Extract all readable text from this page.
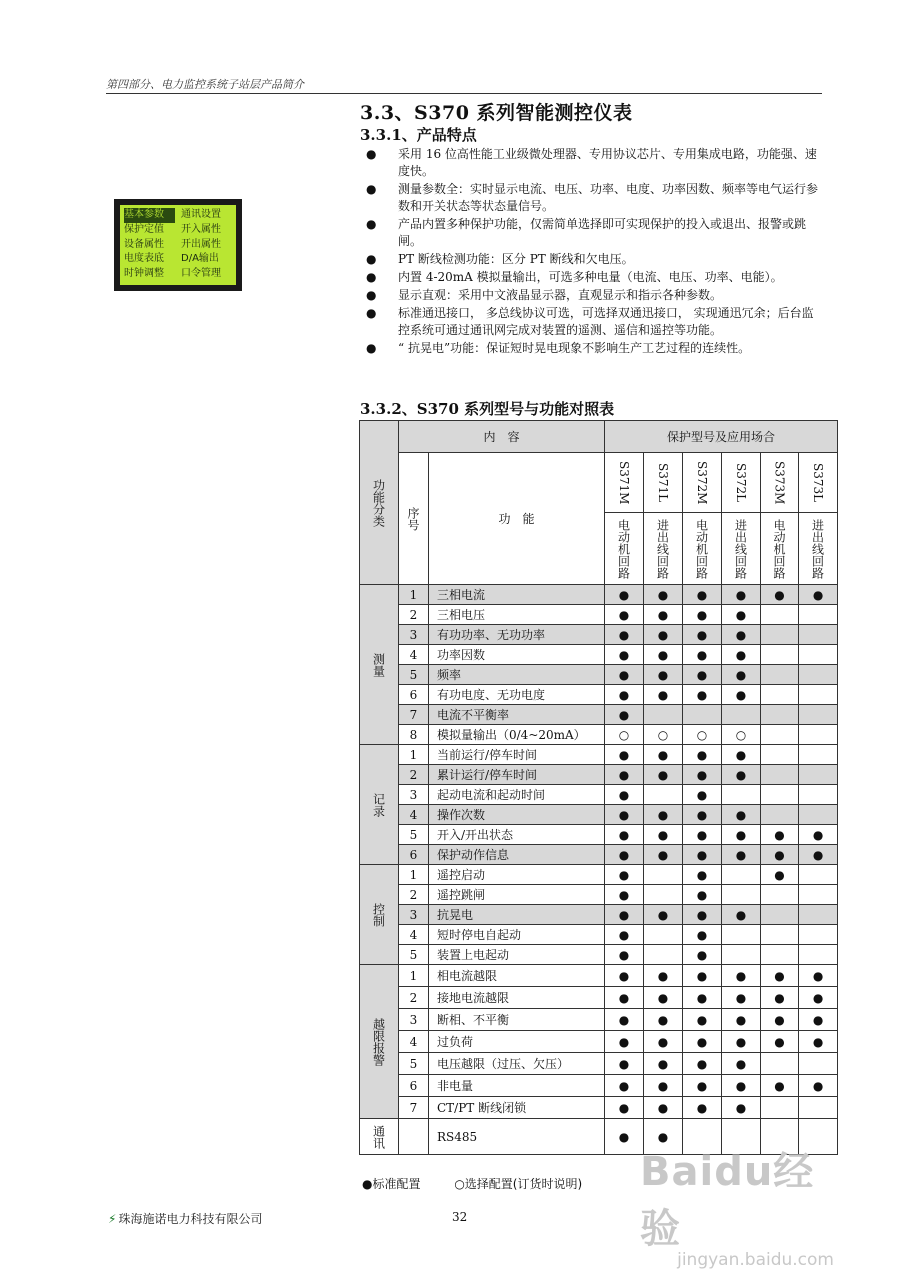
第四部分、电力监控系统子站层产品简介
3.3、S370 系列智能测控仪表
3.3.1、产品特点
● 采用 16 位高性能工业级微处理器、专用协议芯片、专用集成电路，功能强、速度快。
● 测量参数全：实时显示电流、电压、功率、电度、功率因数、频率等电气运行参数和开关状态等状态量信号。
● 产品内置多种保护功能，仅需简单选择即可实现保护的投入或退出、报警或跳闸。
● PT 断线检测功能：区分 PT 断线和欠电压。
● 内置 4-20mA 模拟量输出，可选多种电量（电流、电压、功率、电能）。
● 显示直观：采用中文液晶显示器，直观显示和指示各种参数。
● 标准通迅接口， 多总线协议可选，可选择双通迅接口， 实现通迅冗余；后台监控系统可通过通讯网完成对装置的遥测、遥信和遥控等功能。
● “ 抗晃电”功能：保证短时晃电现象不影响生产工艺过程的连续性。
基本参数	通讯设置
保护定值	开入属性
设备属性	开出属性
电度表底	D/A输出
时钟调整	口令管理
3.3.2、S370 系列型号与功能对照表
功能分类	内　容		保护型号及应用场合					

	序号	功　能	S371M	S371L	S372M	S372L	S373M	S373L

			电动机回路	进出线回路	电动机回路	进出线回路	电动机回路	进出线回路

测量	1	三相电流	●	●	●	●	●	●
	2	三相电压	●	●	●	●		
	3	有功功率、无功功率	●	●	●	●		
	4	功率因数	●	●	●	●		
	5	频率	●	●	●	●		
	6	有功电度、无功电度	●	●	●	●		
	7	电流不平衡率	●					
	8	模拟量输出（0/4~20mA）	○	○	○	○		

记录	1	当前运行/停车时间	●	●	●	●		
	2	累计运行/停车时间	●	●	●	●		
	3	起动电流和起动时间	●		●			
	4	操作次数	●	●	●	●		
	5	开入/开出状态	●	●	●	●	●	●
	6	保护动作信息	●	●	●	●	●	●

控制	1	遥控启动	●		●		●	
	2	遥控跳闸	●		●			
	3	抗晃电	●	●	●	●		
	4	短时停电自起动	●		●			
	5	装置上电起动	●		●			

越限报警	1	相电流越限	●	●	●	●	●	●
	2	接地电流越限	●	●	●	●	●	●
	3	断相、不平衡	●	●	●	●	●	●
	4	过负荷	●	●	●	●	●	●
	5	电压越限（过压、欠压）	●	●	●	●		
	6	非电量	●	●	●	●	●	●
	7	CT/PT 断线闭锁	●	●	●	●		

通讯		RS485	●	●				
●标准配置	○选择配置(订货时说明)
⚡ 珠海施诺电力科技有限公司	32
Baidu经验
jingyan.baidu.com
